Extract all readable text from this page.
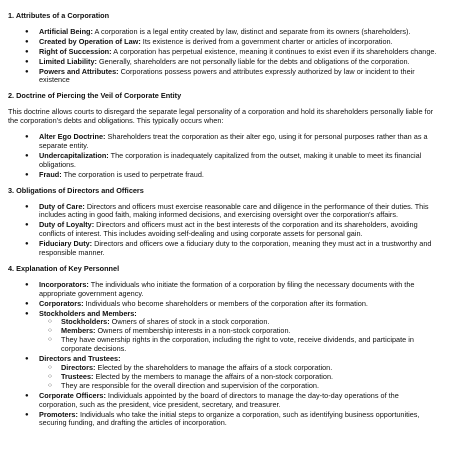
1. Attributes of a Corporation
● Artificial Being: A corporation is a legal entity created by law, distinct and separate from its owners (shareholders).
● Created by Operation of Law: Its existence is derived from a government charter or articles of incorporation.
● Right of Succession: A corporation has perpetual existence, meaning it continues to exist even if its shareholders change.
● Limited Liability: Generally, shareholders are not personally liable for the debts and obligations of the corporation.
● Powers and Attributes: Corporations possess powers and attributes expressly authorized by law or incident to their existence
2. Doctrine of Piercing the Veil of Corporate Entity

This doctrine allows courts to disregard the separate legal personality of a corporation and hold its shareholders personally liable for the corporation's debts and obligations. This typically occurs when:

● Alter Ego Doctrine: Shareholders treat the corporation as their alter ego, using it for personal purposes rather than as a separate entity.
● Undercapitalization: The corporation is inadequately capitalized from the outset, making it unable to meet its financial obligations.
● Fraud: The corporation is used to perpetrate fraud.
3. Obligations of Directors and Officers
● Duty of Care: Directors and officers must exercise reasonable care and diligence in the performance of their duties. This includes acting in good faith, making informed decisions, and exercising oversight over the corporation's affairs.
● Duty of Loyalty: Directors and officers must act in the best interests of the corporation and its shareholders, avoiding conflicts of interest. This includes avoiding self-dealing and using corporate assets for personal gain.
● Fiduciary Duty: Directors and officers owe a fiduciary duty to the corporation, meaning they must act in a trustworthy and responsible manner.
4. Explanation of Key Personnel
● Incorporators: The individuals who initiate the formation of a corporation by filing the necessary documents with the appropriate government agency.
● Corporators: Individuals who become shareholders or members of the corporation after its formation.
● Stockholders and Members:
○ Stockholders: Owners of shares of stock in a stock corporation.
○ Members: Owners of membership interests in a non-stock corporation.
○ They have ownership rights in the corporation, including the right to vote, receive dividends, and participate in corporate decisions.
● Directors and Trustees:
○ Directors: Elected by the shareholders to manage the affairs of a stock corporation.
○ Trustees: Elected by the members to manage the affairs of a non-stock corporation.
○ They are responsible for the overall direction and supervision of the corporation.
● Corporate Officers: Individuals appointed by the board of directors to manage the day-to-day operations of the corporation, such as the president, vice president, secretary, and treasurer.
● Promoters: Individuals who take the initial steps to organize a corporation, such as identifying business opportunities, securing funding, and drafting the articles of incorporation.
